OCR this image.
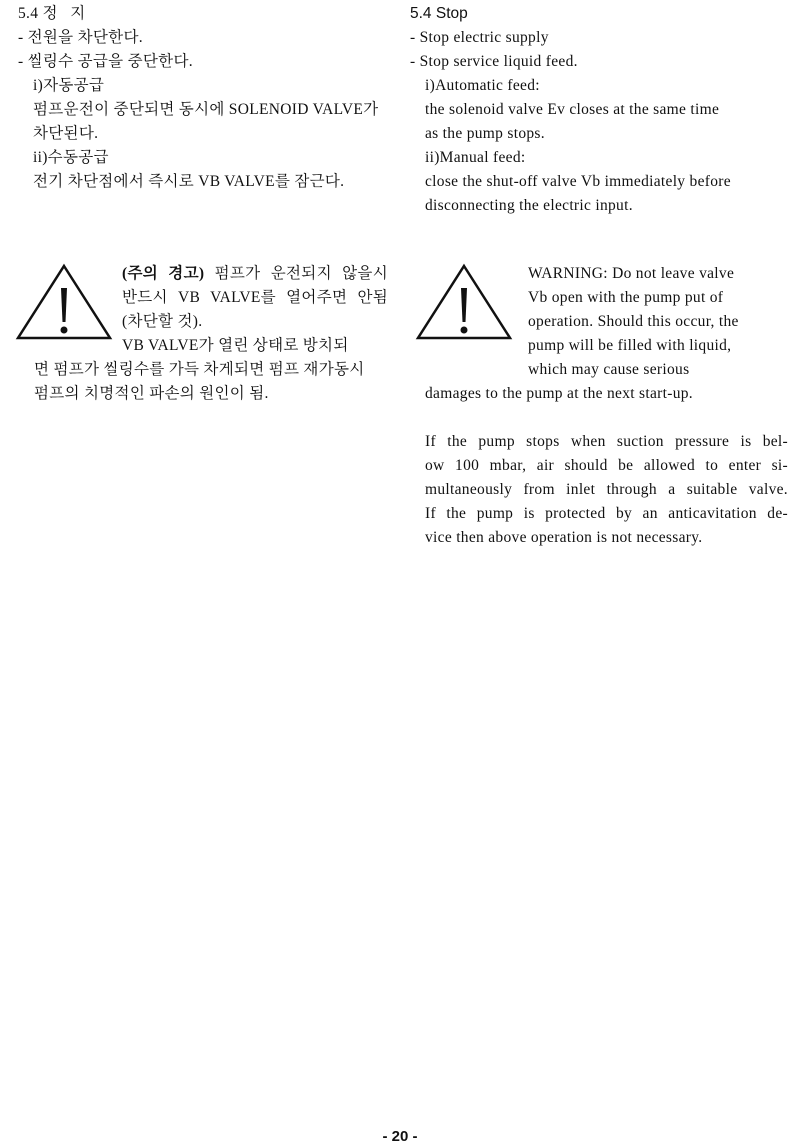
5.4 정   지
- 전원을 차단한다.
- 씰링수 공급을 중단한다.
i)자동공급
펌프운전이 중단되면 동시에 SOLENOID VALVE가
차단된다.
ii)수동공급
전기 차단점에서 즉시로 VB VALVE를 잠근다.
(주의 경고) 펌프가 운전되지 않을시
반드시 VB VALVE를 열어주면 안됨
(차단할 것).
VB VALVE가 열린 상태로 방치되
면 펌프가 씰링수를 가득 차게되면 펌프 재가동시
펌프의 치명적인 파손의 원인이 됨.
5.4 Stop
- Stop electric supply
- Stop service liquid feed.
i)Automatic feed:
the solenoid valve Ev closes at the same time
as the pump stops.
ii)Manual feed:
close the shut-off valve Vb immediately before
disconnecting the electric input.
WARNING: Do not leave valve
Vb open with the pump put of
operation. Should this occur, the
pump will be filled with liquid,
which may cause serious
damages to the pump at the next start-up.
If the pump stops when suction pressure is bel-
ow 100 mbar, air should be allowed to enter si-
multaneously from inlet through a suitable valve.
If the pump is protected by an anticavitation de-
vice then above operation is not necessary.
- 20 -
